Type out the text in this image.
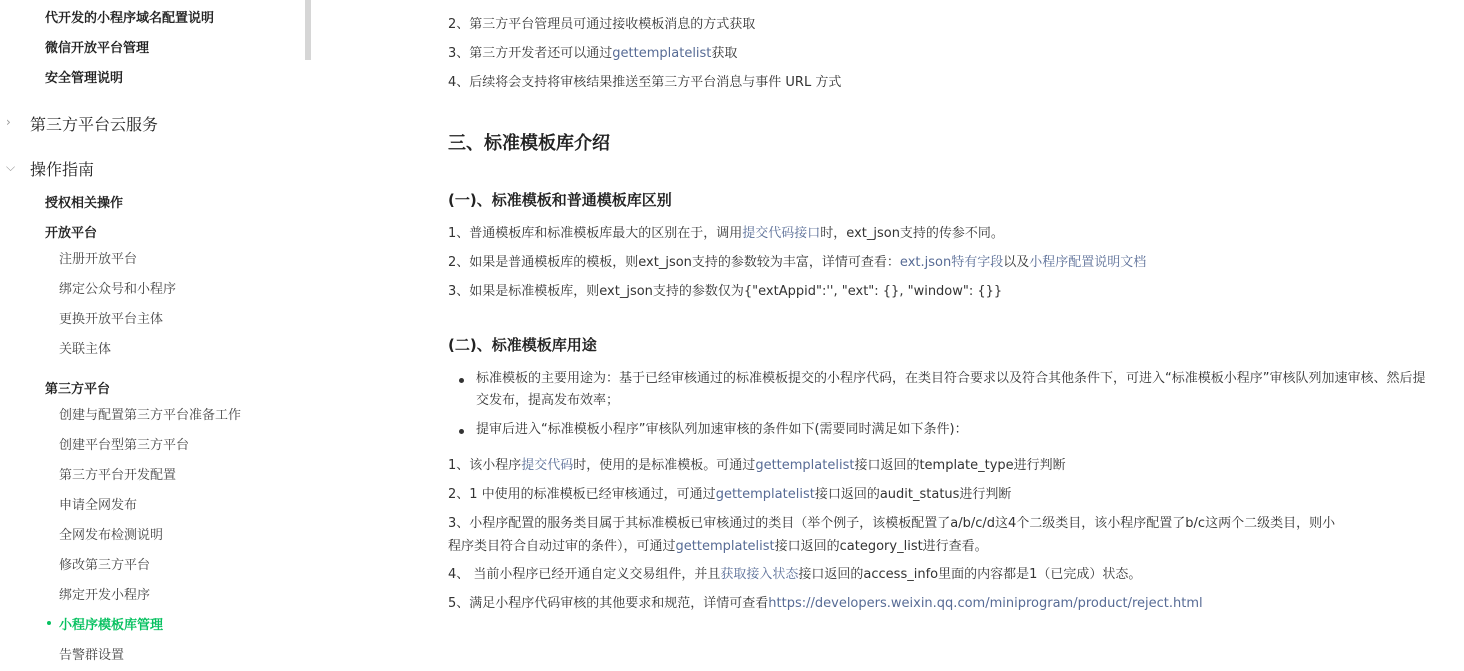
代开发的小程序域名配置说明
微信开放平台管理
安全管理说明
› 第三方平台云服务
⌵ 操作指南
授权相关操作
开放平台
注册开放平台
绑定公众号和小程序
更换开放平台主体
关联主体
第三方平台
创建与配置第三方平台准备工作
创建平台型第三方平台
第三方平台开发配置
申请全网发布
全网发布检测说明
修改第三方平台
绑定开发小程序
小程序模板库管理
告警群设置
2、第三方平台管理员可通过接收模板消息的方式获取
3、第三方开发者还可以通过gettemplatelist获取
4、后续将会支持将审核结果推送至第三方平台消息与事件 URL 方式
三、标准模板库介绍
(一)、标准模板和普通模板库区别
1、普通模板库和标准模板库最大的区别在于，调用提交代码接口时，ext_json支持的传参不同。
2、如果是普通模板库的模板，则ext_json支持的参数较为丰富，详情可查看：ext.json特有字段以及小程序配置说明文档
3、如果是标准模板库，则ext_json支持的参数仅为{"extAppid":'', "ext": {}, "window": {}}
(二)、标准模板库用途
标准模板的主要用途为：基于已经审核通过的标准模板提交的小程序代码，在类目符合要求以及符合其他条件下，可进入“标准模板小程序”审核队列加速审核、然后提交发布，提高发布效率；
提审后进入“标准模板小程序”审核队列加速审核的条件如下(需要同时满足如下条件)：
1、该小程序提交代码时，使用的是标准模板。可通过gettemplatelist接口返回的template_type进行判断
2、1 中使用的标准模板已经审核通过，可通过gettemplatelist接口返回的audit_status进行判断
3、小程序配置的服务类目属于其标准模板已审核通过的类目（举个例子，该模板配置了a/b/c/d这4个二级类目，该小程序配置了b/c这两个二级类目，则小
程序类目符合自动过审的条件），可通过gettemplatelist接口返回的category_list进行查看。
4、 当前小程序已经开通自定义交易组件，并且获取接入状态接口返回的access_info里面的内容都是1（已完成）状态。
5、满足小程序代码审核的其他要求和规范，详情可查看https://developers.weixin.qq.com/miniprogram/product/reject.html
